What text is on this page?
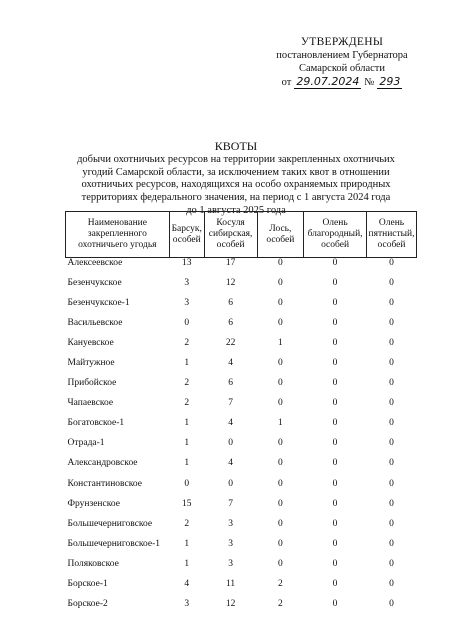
УТВЕРЖДЕНЫ
постановлением Губернатора
Самарской области
от 29.07.2024 № 293
КВОТЫ
добычи охотничьих ресурсов на территории закрепленных охотничьих
угодий Самарской области, за исключением таких квот в отношении
охотничьих ресурсов, находящихся на особо охраняемых природных
территориях федерального значения, на период с 1 августа 2024 года
до 1 августа 2025 года
Наименование закрепленного охотничьего угодья	Барсук, особей	Косуля сибирская, особей	Лось, особей	Олень благородный, особей	Олень пятнистый, особей
Алексеевское	13	17	0	0	0
Безенчукское	3	12	0	0	0
Безенчукское-1	3	6	0	0	0
Васильевское	0	6	0	0	0
Кануевское	2	22	1	0	0
Майтужное	1	4	0	0	0
Прибойское	2	6	0	0	0
Чапаевское	2	7	0	0	0
Богатовское-1	1	4	1	0	0
Отрада-1	1	0	0	0	0
Александровское	1	4	0	0	0
Константиновское	0	0	0	0	0
Фрунзенское	15	7	0	0	0
Большечерниговское	2	3	0	0	0
Большечерниговское-1	1	3	0	0	0
Поляковское	1	3	0	0	0
Борское-1	4	11	2	0	0
Борское-2	3	12	2	0	0
